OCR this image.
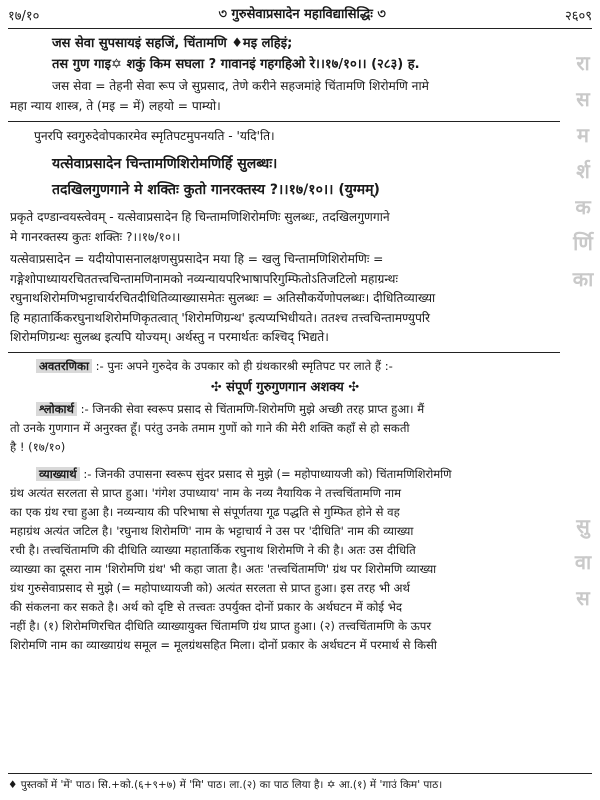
१७/१०	৩ गुरुसेवाप्रसादेन महाविद्यासिद्धिः ৩	२६०९
जस सेवा सुपसायइं सहजिं, चिंतामणि ♦मइ लहिइं;
तस गुण गाइ✡ शकुं किम सघला ? गावानइं गहगहिओ रे।।१७/१०।। (२८३) ह.
जस सेवा = तेहनी सेवा रूप जे सुप्रसाद, तेणे करीने सहजमांहे चिंतामणि शिरोमणि नामे
महा न्याय शास्त्र, ते (मइ = में) लहयो = पाम्यो।
पुनरपि स्वगुरुदेवोपकारमेव स्मृतिपटमुपनयति - 'यदि'ति।
यत्सेवाप्रसादेन चिन्तामणिशिरोमणिर्हि सुलब्धः।
तदखिलगुणगाने मे शक्तिः कुतो गानरक्तस्य ?।।१७/१०।। (युग्मम्)
प्रकृते दण्डान्वयस्त्वेवम् - यत्सेवाप्रसादेन हि चिन्तामणिशिरोमणिः सुलब्धः, तदखिलगुणगाने
मे गानरक्तस्य कुतः शक्तिः ?।।१७/१०।।
यत्सेवाप्रसादेन = यदीयोपासनालक्षणसुप्रसादेन मया हि = खलु चिन्तामणिशिरोमणिः =
गङ्गेशोपाध्यायरचिततत्त्वचिन्तामणिनामको नव्यन्यायपरिभाषापरिगुम्फितोऽतिजटिलो महाग्रन्थः
रघुनाथशिरोमणिभट्टाचार्यरचितदीधितिव्याख्यासमेतः सुलब्धः = अतिसौकर्येणोपलब्धः। दीधितिव्याख्या
हि महातार्किकरघुनाथशिरोमणिकृतत्वात् 'शिरोमणिग्रन्थ' इत्यप्यभिधीयते। ततश्च तत्त्वचिन्तामण्युपरि
शिरोमणिग्रन्थः सुलब्ध इत्यपि योज्यम्। अर्थस्तु न परमार्थतः कश्चिद् भिद्यते।
अवतरणिका :- पुनः अपने गुरुदेव के उपकार को ही ग्रंथकारश्री स्मृतिपट पर लाते हैं :-
✣ संपूर्ण गुरुगुणगान अशक्य ✣
श्लोकार्थ :- जिनकी सेवा स्वरूप प्रसाद से चिंतामणि-शिरोमणि मुझे अच्छी तरह प्राप्त हुआ। मैं
तो उनके गुणगान में अनुरक्त हूँ। परंतु उनके तमाम गुणों को गाने की मेरी शक्ति कहाँ से हो सकती
है ! (१७/१०)
व्याख्यार्थ :- जिनकी उपासना स्वरूप सुंदर प्रसाद से मुझे (= महोपाध्यायजी को) चिंतामणिशिरोमणि
ग्रंथ अत्यंत सरलता से प्राप्त हुआ। 'गंगेश उपाध्याय' नाम के नव्य नैयायिक ने तत्त्वचिंतामणि नाम
का एक ग्रंथ रचा हुआ है। नव्यन्याय की परिभाषा से संपूर्णतया गूढ पद्धति से गुम्फित होने से वह
महाग्रंथ अत्यंत जटिल है। 'रघुनाथ शिरोमणि' नाम के भट्टाचार्य ने उस पर 'दीधिति' नाम की व्याख्या
रची है। तत्त्वचिंतामणि की दीधिति व्याख्या महातार्किक रघुनाथ शिरोमणि ने की है। अतः उस दीधिति
व्याख्या का दूसरा नाम 'शिरोमणि ग्रंथ' भी कहा जाता है। अतः 'तत्त्वचिंतामणि' ग्रंथ पर शिरोमणि व्याख्या
ग्रंथ गुरुसेवाप्रसाद से मुझे (= महोपाध्यायजी को) अत्यंत सरलता से प्राप्त हुआ। इस तरह भी अर्थ
की संकलना कर सकते है। अर्थ को दृष्टि से तत्त्वतः उपर्युक्त दोनों प्रकार के अर्थघटन में कोई भेद
नहीं है। (१) शिरोमणिरचित दीधिति व्याख्यायुक्त चिंतामणि ग्रंथ प्राप्त हुआ। (२) तत्त्वचिंतामणि के ऊपर
शिरोमणि नाम का व्याख्याग्रंथ समूल = मूलग्रंथसहित मिला। दोनों प्रकार के अर्थघटन में परमार्थ से किसी
रा
स
म
र्श
क
र्णि
का
सु
वा
स
♦ पुस्तकों में 'में' पाठ। सि.+को.(६+९+७) में 'मि' पाठ। ला.(२) का पाठ लिया है। ✡ आ.(१) में 'गाउं किम' पाठ।
